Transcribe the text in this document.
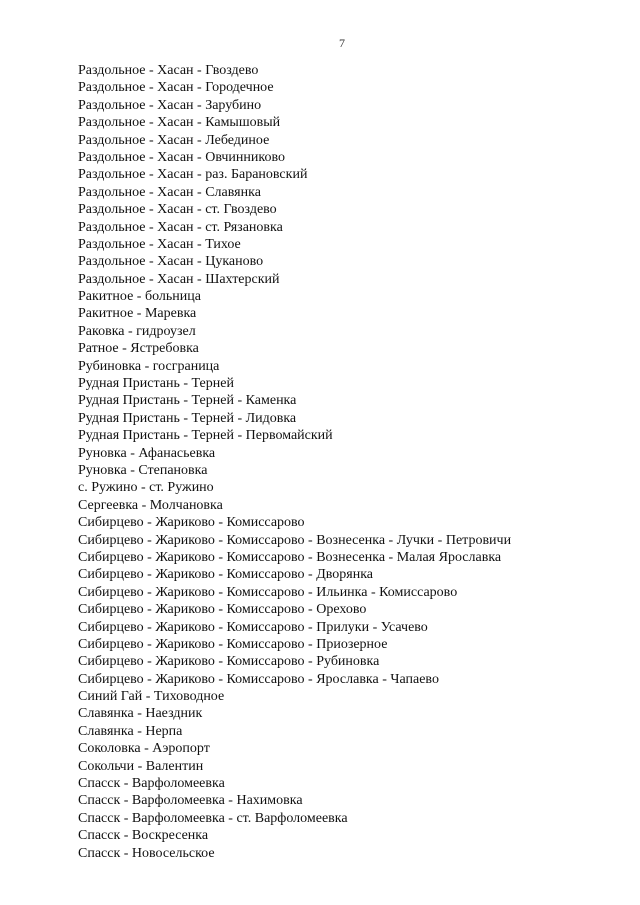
7
Раздольное - Хасан - Гвоздево
Раздольное - Хасан - Городечное
Раздольное - Хасан - Зарубино
Раздольное - Хасан - Камышовый
Раздольное - Хасан - Лебединое
Раздольное - Хасан - Овчинниково
Раздольное - Хасан - раз. Барановский
Раздольное - Хасан - Славянка
Раздольное - Хасан - ст. Гвоздево
Раздольное - Хасан - ст. Рязановка
Раздольное - Хасан - Тихое
Раздольное - Хасан - Цуканово
Раздольное - Хасан - Шахтерский
Ракитное - больница
Ракитное - Маревка
Раковка - гидроузел
Ратное - Ястребовка
Рубиновка - госграница
Рудная Пристань - Терней
Рудная Пристань - Терней - Каменка
Рудная Пристань - Терней - Лидовка
Рудная Пристань - Терней - Первомайский
Руновка - Афанасьевка
Руновка - Степановка
с. Ружино - ст. Ружино
Сергеевка - Молчановка
Сибирцево - Жариково - Комиссарово
Сибирцево - Жариково - Комиссарово - Вознесенка - Лучки - Петровичи
Сибирцево - Жариково - Комиссарово - Вознесенка - Малая Ярославка
Сибирцево - Жариково - Комиссарово - Дворянка
Сибирцево - Жариково - Комиссарово - Ильинка - Комиссарово
Сибирцево - Жариково - Комиссарово - Орехово
Сибирцево - Жариково - Комиссарово - Прилуки - Усачево
Сибирцево - Жариково - Комиссарово - Приозерное
Сибирцево - Жариково - Комиссарово - Рубиновка
Сибирцево - Жариково - Комиссарово - Ярославка - Чапаево
Синий Гай - Тиховодное
Славянка - Наездник
Славянка - Нерпа
Соколовка - Аэропорт
Сокольчи - Валентин
Спасск - Варфоломеевка
Спасск - Варфоломеевка - Нахимовка
Спасск - Варфоломеевка - ст. Варфоломеевка
Спасск - Воскресенка
Спасск - Новосельское
